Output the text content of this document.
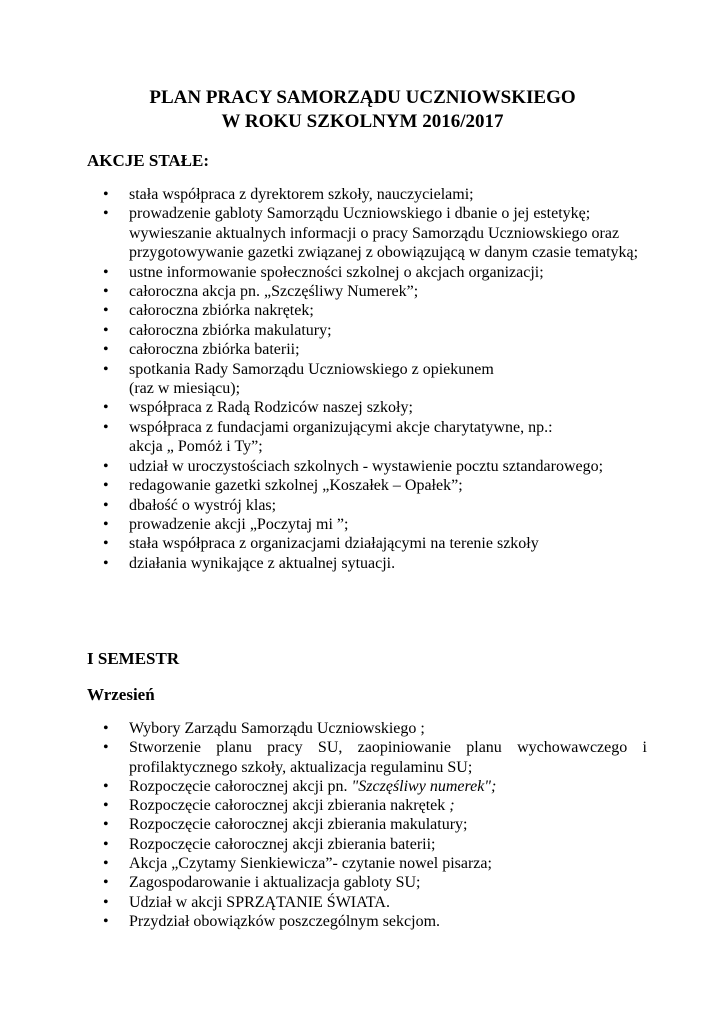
PLAN PRACY SAMORZĄDU UCZNIOWSKIEGO
W ROKU SZKOLNYM 2016/2017
AKCJE STAŁE:
• stała współpraca z dyrektorem szkoły, nauczycielami;
• prowadzenie gabloty Samorządu Uczniowskiego i dbanie o jej estetykę; wywieszanie aktualnych informacji o pracy Samorządu Uczniowskiego oraz przygotowywanie gazetki związanej z obowiązującą w danym czasie tematyką;
• ustne informowanie społeczności szkolnej o akcjach organizacji;
• całoroczna akcja pn. „Szczęśliwy Numerek”;
• całoroczna zbiórka nakrętek;
• całoroczna zbiórka makulatury;
• całoroczna zbiórka baterii;
• spotkania Rady Samorządu Uczniowskiego z opiekunem
(raz w miesiącu);
• współpraca z Radą Rodziców naszej szkoły;
• współpraca z fundacjami organizującymi akcje charytatywne, np.:
akcja „ Pomóż i Ty”;
• udział w uroczystościach szkolnych - wystawienie pocztu sztandarowego;
• redagowanie gazetki szkolnej „Koszałek – Opałek”;
• dbałość o wystrój klas;
• prowadzenie akcji „Poczytaj mi ”;
• stała współpraca z organizacjami działającymi na terenie szkoły
• działania wynikające z aktualnej sytuacji.
I SEMESTR
Wrzesień
• Wybory Zarządu Samorządu Uczniowskiego ;
• Stworzenie planu pracy SU, zaopiniowanie planu wychowawczego i profilaktycznego szkoły, aktualizacja regulaminu SU;
• Rozpoczęcie całorocznej akcji pn. "Szczęśliwy numerek";
• Rozpoczęcie całorocznej akcji zbierania nakrętek ;
• Rozpoczęcie całorocznej akcji zbierania makulatury;
• Rozpoczęcie całorocznej akcji zbierania baterii;
• Akcja „Czytamy Sienkiewicza”- czytanie nowel pisarza;
• Zagospodarowanie i aktualizacja gabloty SU;
• Udział w akcji SPRZĄTANIE ŚWIATA.
• Przydział obowiązków poszczególnym sekcjom.
